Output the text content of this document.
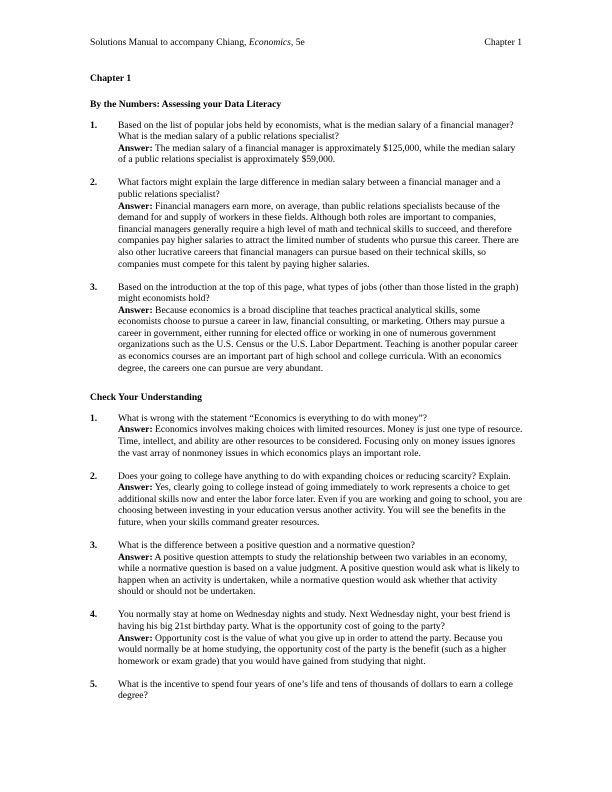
Solutions Manual to accompany Chiang, Economics, 5e	Chapter 1
Chapter 1
By the Numbers: Assessing your Data Literacy
1. Based on the list of popular jobs held by economists, what is the median salary of a financial manager? What is the median salary of a public relations specialist?
Answer: The median salary of a financial manager is approximately $125,000, while the median salary of a public relations specialist is approximately $59,000.
2. What factors might explain the large difference in median salary between a financial manager and a public relations specialist?
Answer: Financial managers earn more, on average, than public relations specialists because of the demand for and supply of workers in these fields. Although both roles are important to companies, financial managers generally require a high level of math and technical skills to succeed, and therefore companies pay higher salaries to attract the limited number of students who pursue this career. There are also other lucrative careers that financial managers can pursue based on their technical skills, so companies must compete for this talent by paying higher salaries.
3. Based on the introduction at the top of this page, what types of jobs (other than those listed in the graph) might economists hold?
Answer: Because economics is a broad discipline that teaches practical analytical skills, some economists choose to pursue a career in law, financial consulting, or marketing. Others may pursue a career in government, either running for elected office or working in one of numerous government organizations such as the U.S. Census or the U.S. Labor Department. Teaching is another popular career as economics courses are an important part of high school and college curricula. With an economics degree, the careers one can pursue are very abundant.
Check Your Understanding
1. What is wrong with the statement “Economics is everything to do with money”?
Answer: Economics involves making choices with limited resources. Money is just one type of resource. Time, intellect, and ability are other resources to be considered. Focusing only on money issues ignores the vast array of nonmoney issues in which economics plays an important role.
2. Does your going to college have anything to do with expanding choices or reducing scarcity? Explain.
Answer: Yes, clearly going to college instead of going immediately to work represents a choice to get additional skills now and enter the labor force later. Even if you are working and going to school, you are choosing between investing in your education versus another activity. You will see the benefits in the future, when your skills command greater resources.
3. What is the difference between a positive question and a normative question?
Answer: A positive question attempts to study the relationship between two variables in an economy, while a normative question is based on a value judgment. A positive question would ask what is likely to happen when an activity is undertaken, while a normative question would ask whether that activity should or should not be undertaken.
4. You normally stay at home on Wednesday nights and study. Next Wednesday night, your best friend is having his big 21st birthday party. What is the opportunity cost of going to the party?
Answer: Opportunity cost is the value of what you give up in order to attend the party. Because you would normally be at home studying, the opportunity cost of the party is the benefit (such as a higher homework or exam grade) that you would have gained from studying that night.
5. What is the incentive to spend four years of one’s life and tens of thousands of dollars to earn a college degree?
